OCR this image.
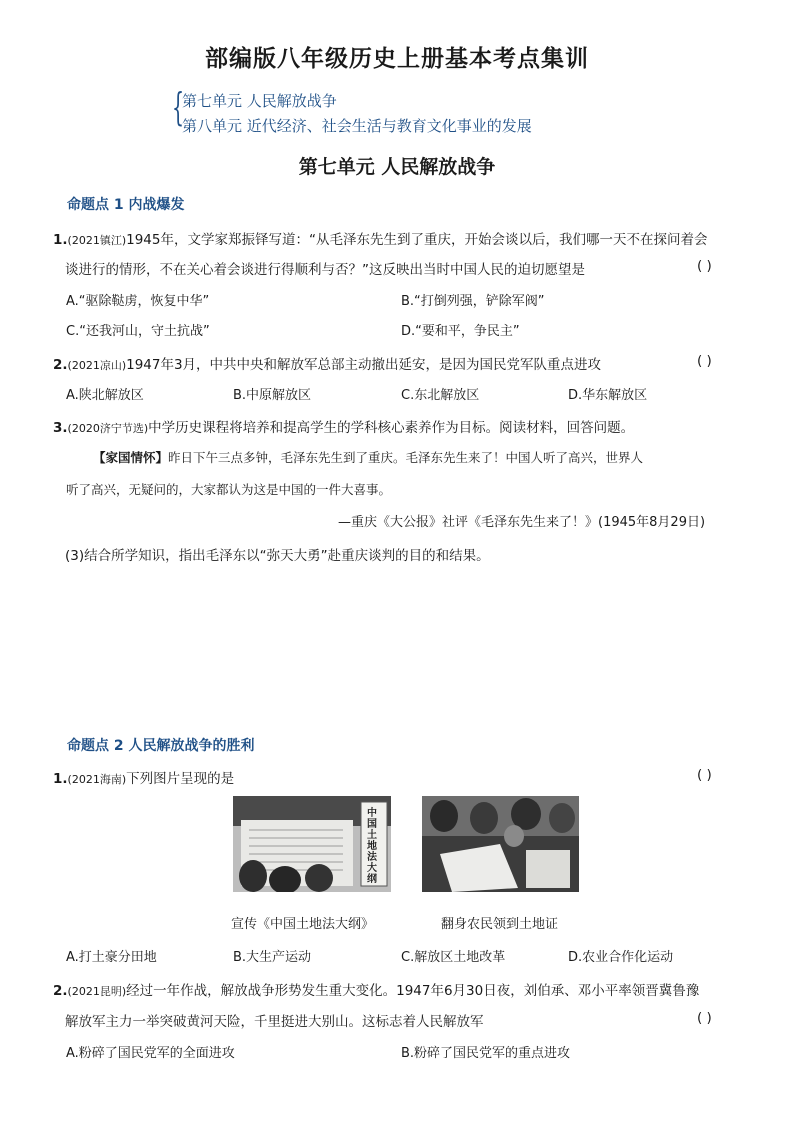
部编版八年级历史上册基本考点集训
{
第七单元 人民解放战争
第八单元 近代经济、社会生活与教育文化事业的发展
第七单元 人民解放战争
命题点 1 内战爆发
1.(2021镇江)1945年，文学家郑振铎写道：“从毛泽东先生到了重庆，开始会谈以后，我们哪一天不在探问着会
谈进行的情形，不在关心着会谈进行得顺利与否？”这反映出当时中国人民的迫切愿望是	( )
A.“驱除鞑虏，恢复中华”	B.“打倒列强，铲除军阀”
C.“还我河山，守土抗战”	D.“要和平，争民主”
2.(2021凉山)1947年3月，中共中央和解放军总部主动撤出延安，是因为国民党军队重点进攻	( )
A.陕北解放区	B.中原解放区	C.东北解放区	D.华东解放区
3.(2020济宁节选)中学历史课程将培养和提高学生的学科核心素养作为目标。阅读材料，回答问题。
【家国情怀】昨日下午三点多钟，毛泽东先生到了重庆。毛泽东先生来了！中国人听了高兴，世界人
听了高兴，无疑问的，大家都认为这是中国的一件大喜事。
—重庆《大公报》社评《毛泽东先生来了！》(1945年8月29日)
(3)结合所学知识，指出毛泽东以“弥天大勇”赴重庆谈判的目的和结果。
命题点 2 人民解放战争的胜利
1.(2021海南)下列图片呈现的是	( )
中国土地法大纲
宣传《中国土地法大纲》	翻身农民领到土地证
A.打土豪分田地	B.大生产运动	C.解放区土地改革	D.农业合作化运动
2.(2021昆明)经过一年作战，解放战争形势发生重大变化。1947年6月30日夜，刘伯承、邓小平率领晋冀鲁豫
解放军主力一举突破黄河天险，千里挺进大别山。这标志着人民解放军	( )
A.粉碎了国民党军的全面进攻	B.粉碎了国民党军的重点进攻
